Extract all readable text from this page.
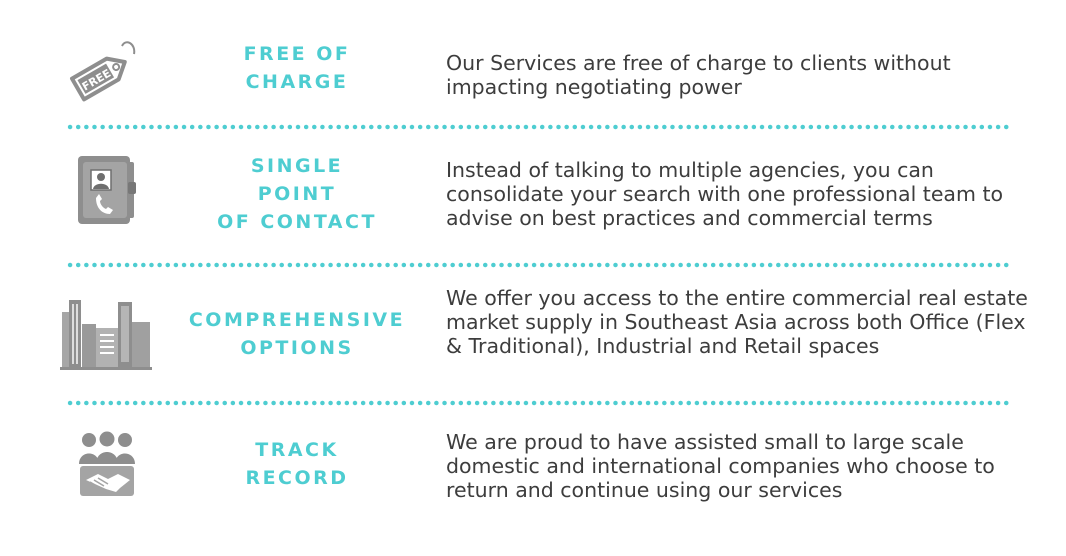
FREE
FREE OF
CHARGE
Our Services are free of charge to clients without impacting negotiating power
SINGLE
POINT
OF CONTACT
Instead of talking to multiple agencies, you can consolidate your search with one professional team to advise on best practices and commercial terms
COMPREHENSIVE
OPTIONS
We offer you access to the entire commercial real estate market supply in Southeast Asia across both Office (Flex & Traditional), Industrial and Retail spaces
TRACK
RECORD
We are proud to have assisted small to large scale domestic and international companies who choose to return and continue using our services
